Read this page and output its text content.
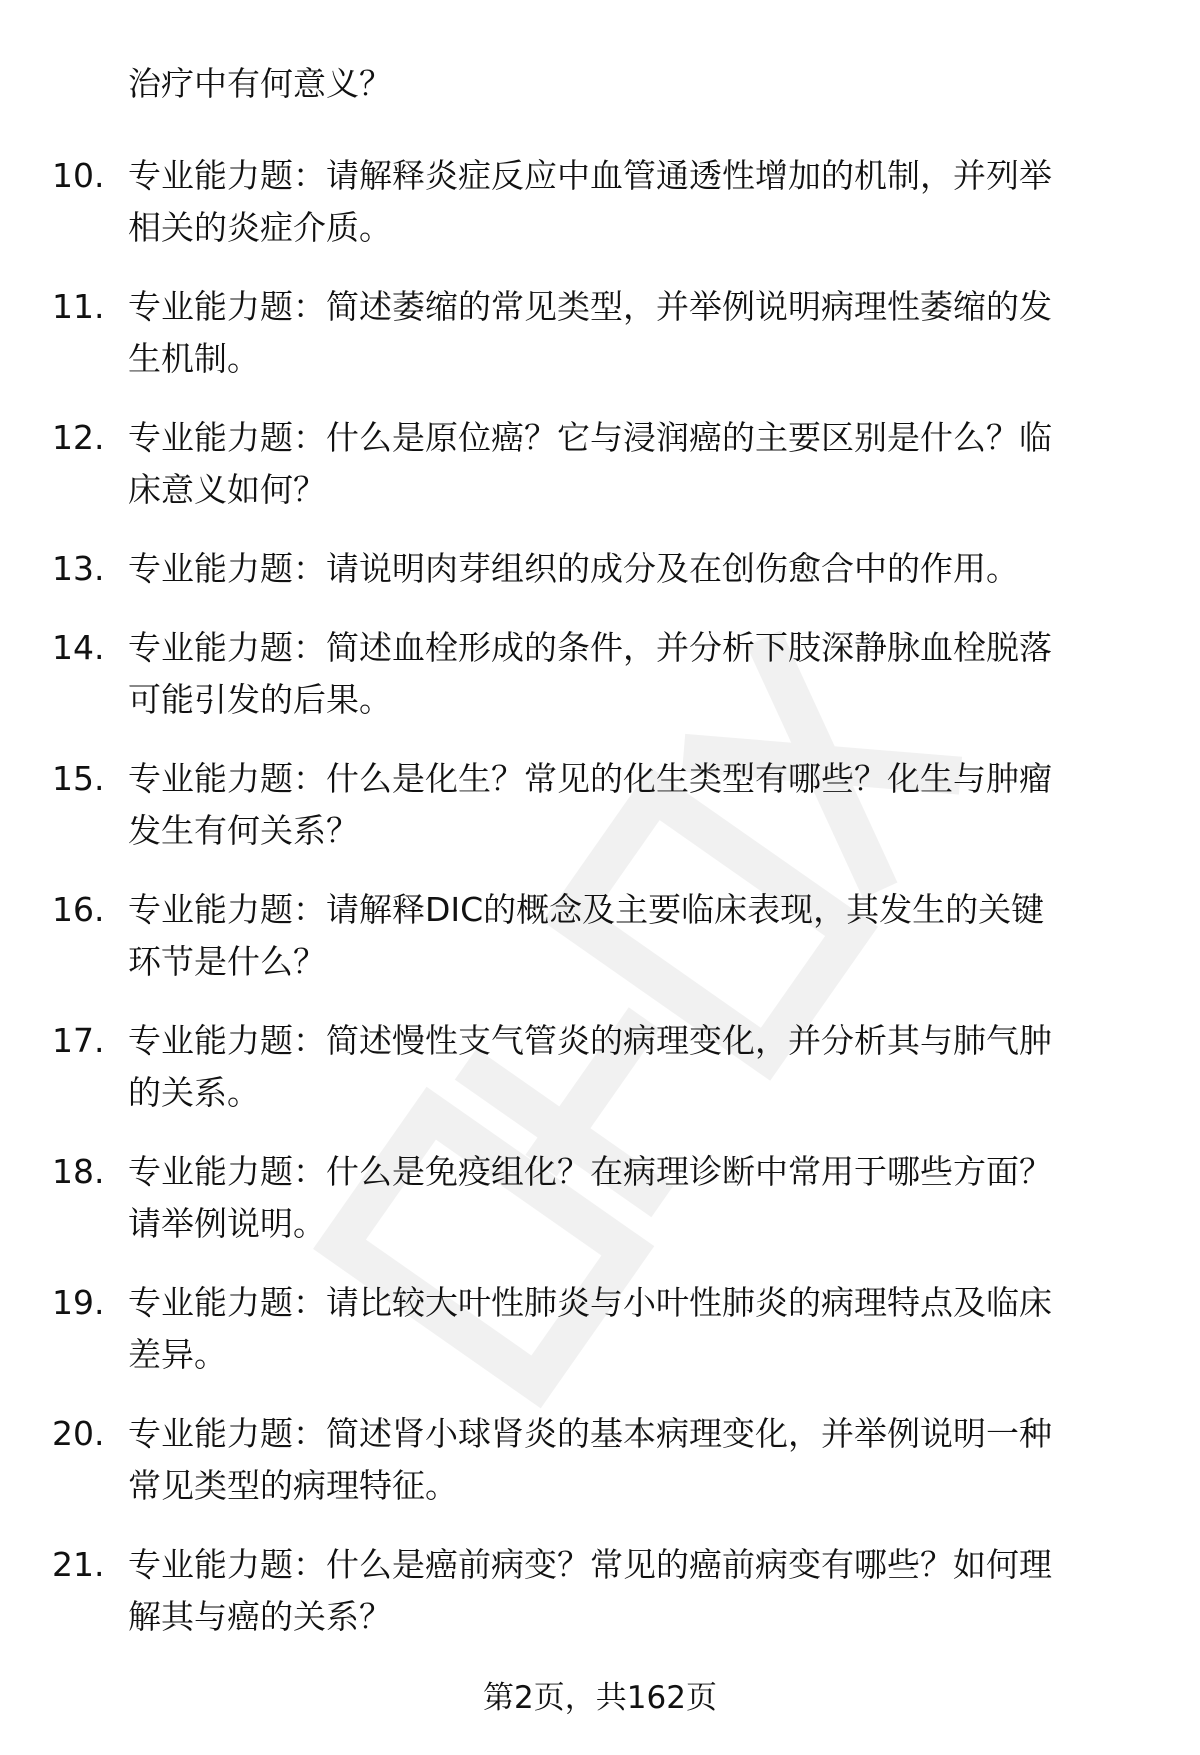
治疗中有何意义？
10. 专业能力题：请解释炎症反应中血管通透性增加的机制，并列举
相关的炎症介质。
11. 专业能力题：简述萎缩的常见类型，并举例说明病理性萎缩的发
生机制。
12. 专业能力题：什么是原位癌？它与浸润癌的主要区别是什么？临
床意义如何？
13. 专业能力题：请说明肉芽组织的成分及在创伤愈合中的作用。
14. 专业能力题：简述血栓形成的条件，并分析下肢深静脉血栓脱落
可能引发的后果。
15. 专业能力题：什么是化生？常见的化生类型有哪些？化生与肿瘤
发生有何关系？
16. 专业能力题：请解释DIC的概念及主要临床表现，其发生的关键
环节是什么？
17. 专业能力题：简述慢性支气管炎的病理变化，并分析其与肺气肿
的关系。
18. 专业能力题：什么是免疫组化？在病理诊断中常用于哪些方面？
请举例说明。
19. 专业能力题：请比较大叶性肺炎与小叶性肺炎的病理特点及临床
差异。
20. 专业能力题：简述肾小球肾炎的基本病理变化，并举例说明一种
常见类型的病理特征。
21. 专业能力题：什么是癌前病变？常见的癌前病变有哪些？如何理
解其与癌的关系？
第2页，共162页
